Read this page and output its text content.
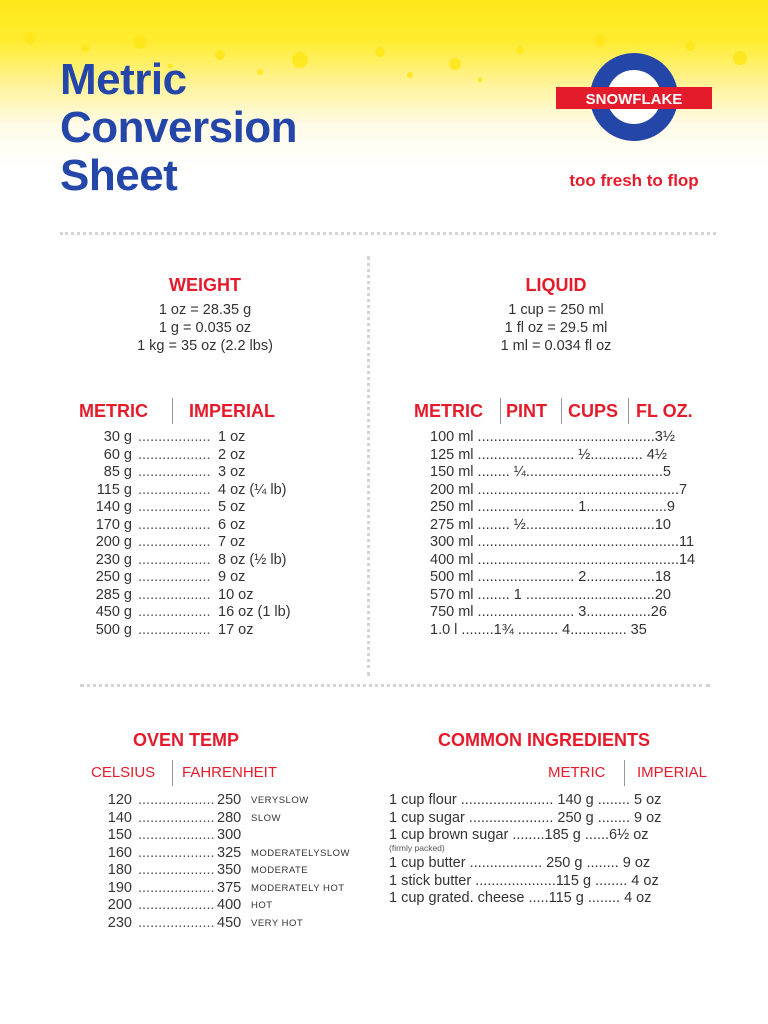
Metric
Conversion
Sheet
SNOWFLAKE
too fresh to flop
WEIGHT
1 oz = 28.35 g
1 g = 0.035 oz
1 kg = 35 oz (2.2 lbs)
METRIC IMPERIAL
30 g .................. 1 oz
60 g .................. 2 oz
85 g .................. 3 oz
115 g .................. 4 oz (¼ lb)
140 g .................. 5 oz
170 g .................. 6 oz
200 g .................. 7 oz
230 g .................. 8 oz (½ lb)
250 g .................. 9 oz
285 g .................. 10 oz
450 g .................. 16 oz (1 lb)
500 g .................. 17 oz
LIQUID
1 cup = 250 ml
1 fl oz = 29.5 ml
1 ml = 0.034 fl oz
METRIC PINT CUPS FL OZ.
100 ml ............................................3½
125 ml ........................ ½............. 4½
150 ml ........ ¼..................................5
200 ml ..................................................7
250 ml ........................ 1....................9
275 ml ........ ½................................10
300 ml ..................................................11
400 ml ..................................................14
500 ml ........................ 2.................18
570 ml ........ 1 ................................20
750 ml ........................ 3................26
1.0 l ........1¾ .......... 4.............. 35
OVEN TEMP
CELSIUS FAHRENHEIT
120 ................... 250 VERYSLOW
140 ................... 280 SLOW
150 ................... 300
160 ................... 325 MODERATELYSLOW
180 ................... 350 MODERATE
190 ................... 375 MODERATELY HOT
200 ................... 400 HOT
230 ................... 450 VERY HOT
COMMON INGREDIENTS
METRIC IMPERIAL
1 cup flour ....................... 140 g ........ 5 oz
1 cup sugar ..................... 250 g ........ 9 oz
1 cup brown sugar ........185 g ......6½ oz
(firmly packed)
1 cup butter .................. 250 g ........ 9 oz
1 stick butter ....................115 g ........ 4 oz
1 cup grated. cheese .....115 g ........ 4 oz
